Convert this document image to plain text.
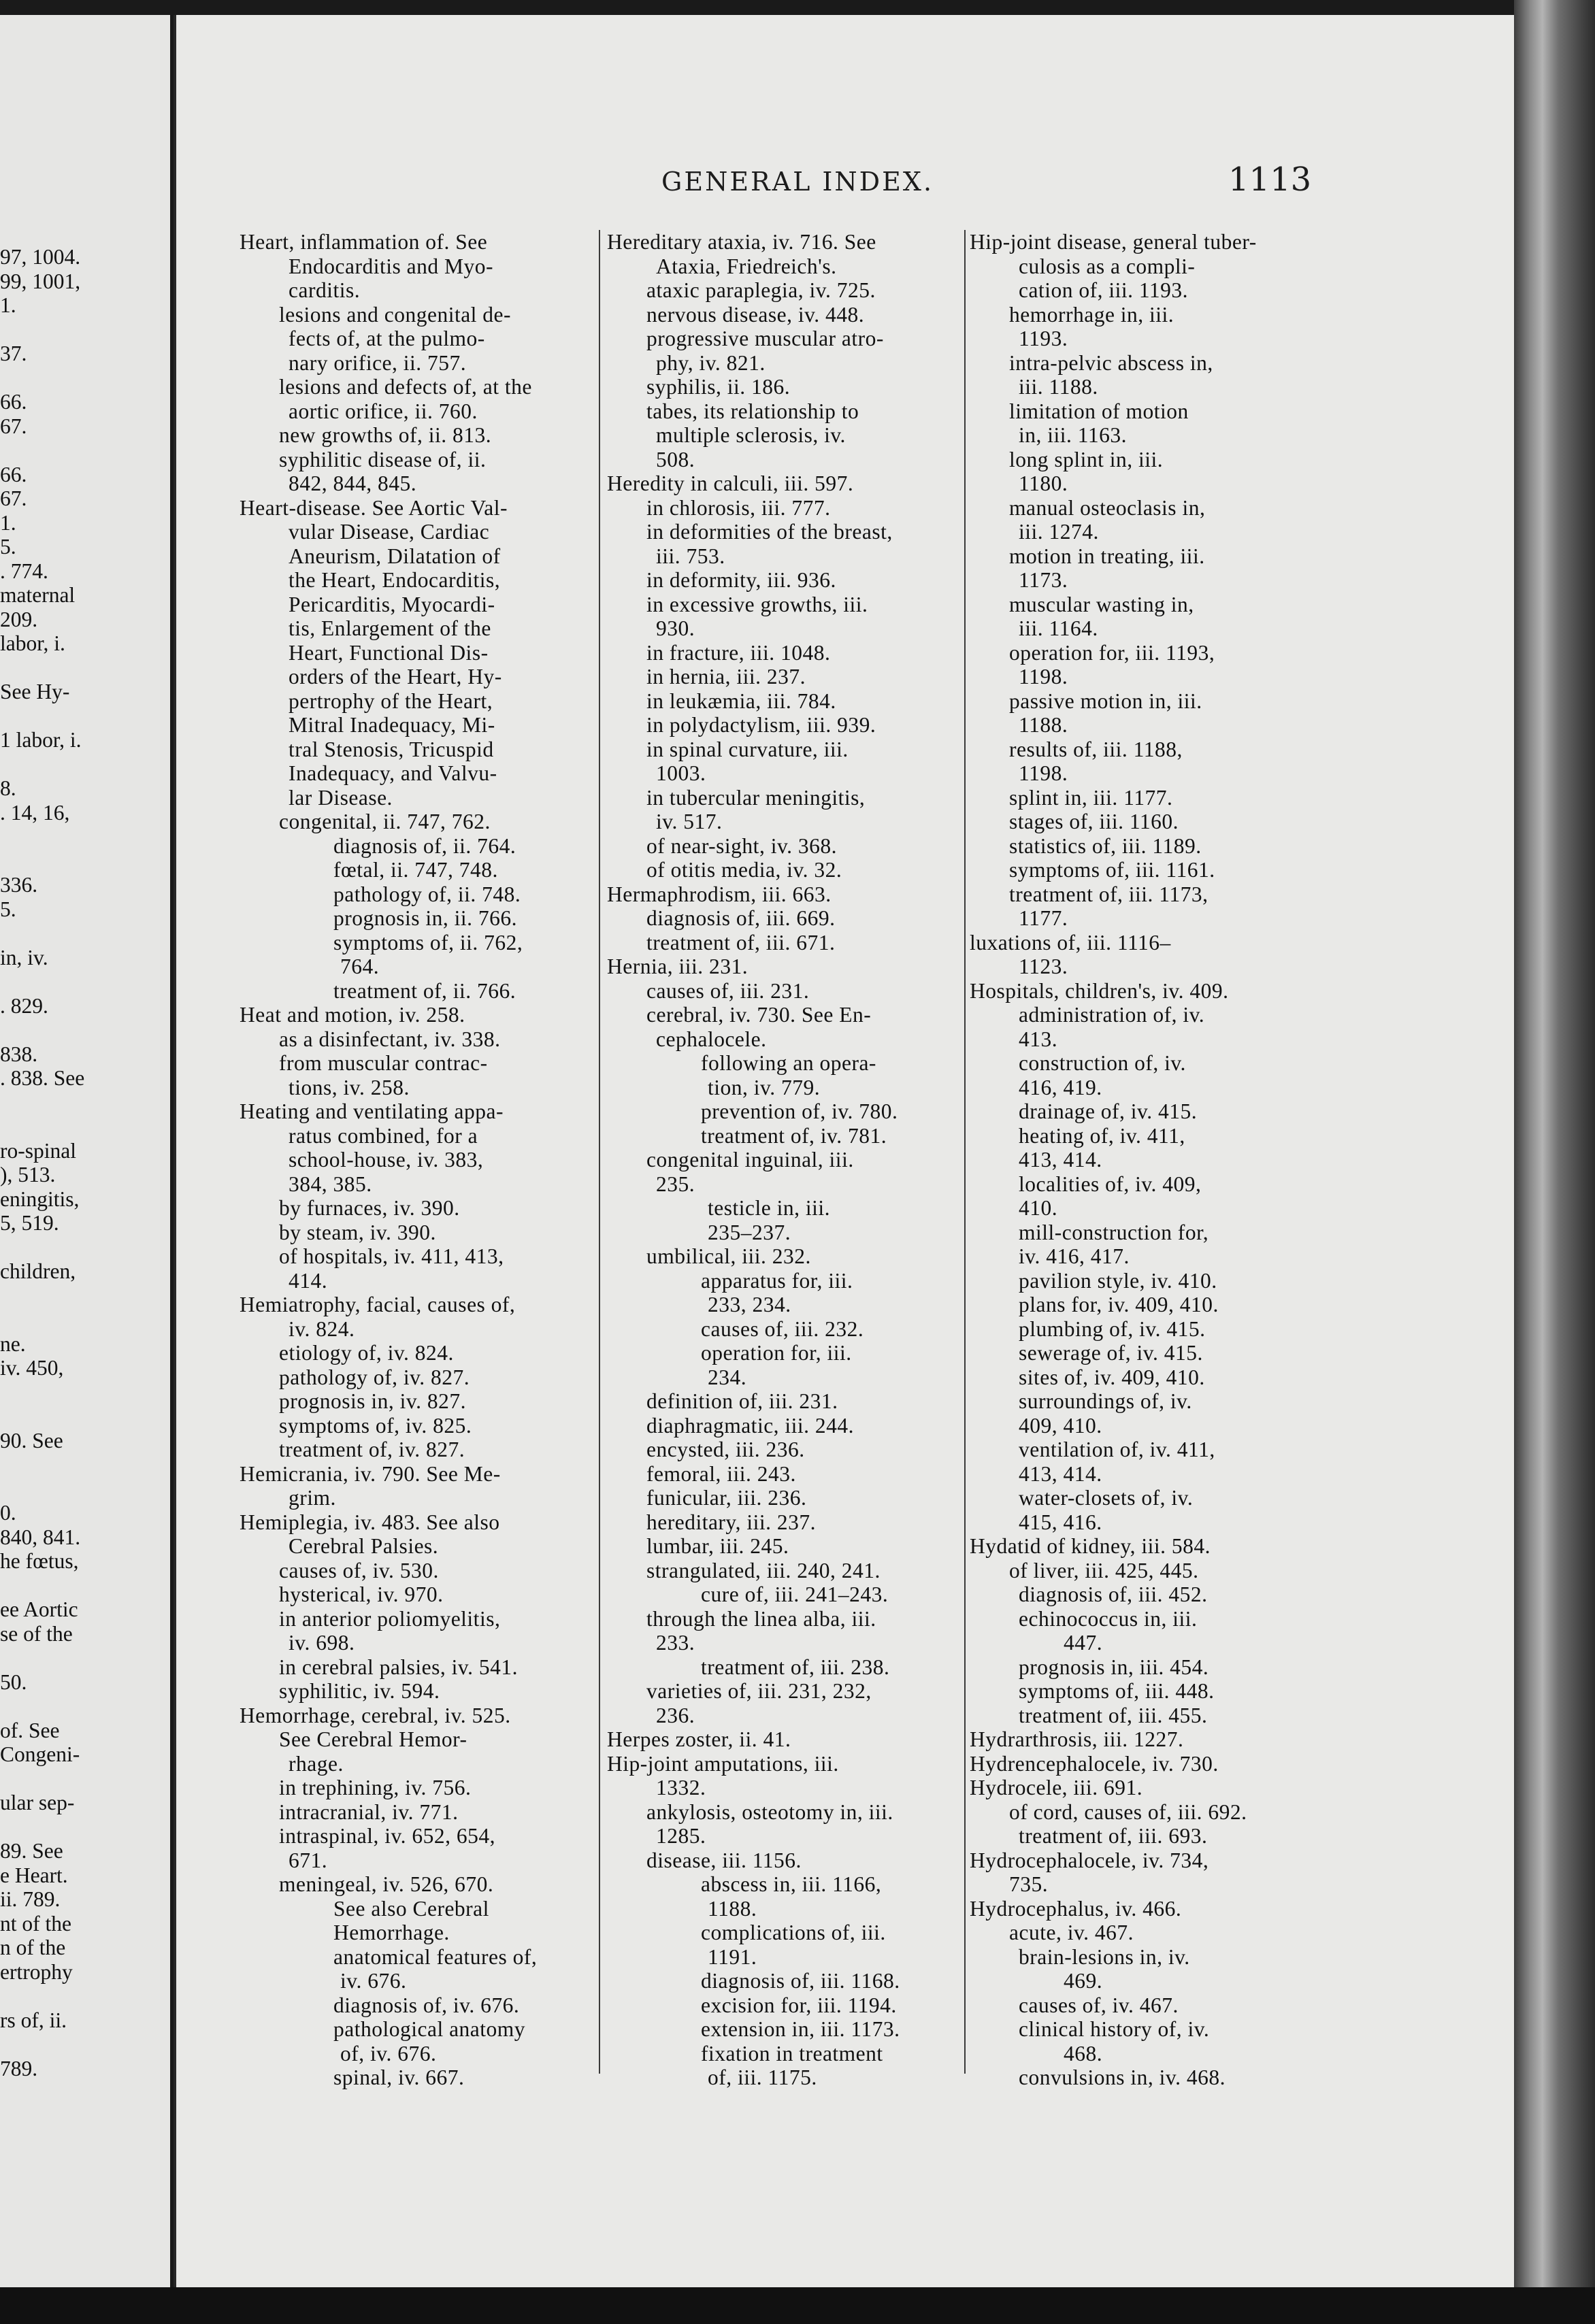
97, 1004.
99, 1001,
1.

37.

66.
67.

66.
67.
1.
5.
. 774.
maternal
209.
labor, i.

See Hy-

1 labor, i.

8.
. 14, 16,

336.
5.

in, iv.

. 829.

838.
. 838. See

ro-spinal
), 513.
eningitis,
5, 519.

children,

ne.
iv. 450,

90. See

0.
840, 841.
he fœtus,

ee Aortic
se of the

50.

of. See
Congeni-

ular sep-

89. See
e Heart.
ii. 789.
nt of the
n of the
ertrophy

rs of, ii.

789.
GENERAL INDEX.	1113
Heart, inflammation of. See
Endocarditis and Myo-
carditis.
lesions and congenital de-
fects of, at the pulmo-
nary orifice, ii. 757.
lesions and defects of, at the
aortic orifice, ii. 760.
new growths of, ii. 813.
syphilitic disease of, ii.
842, 844, 845.
Heart-disease. See Aortic Val-
vular Disease, Cardiac
Aneurism, Dilatation of
the Heart, Endocarditis,
Pericarditis, Myocardi-
tis, Enlargement of the
Heart, Functional Dis-
orders of the Heart, Hy-
pertrophy of the Heart,
Mitral Inadequacy, Mi-
tral Stenosis, Tricuspid
Inadequacy, and Valvu-
lar Disease.
congenital, ii. 747, 762.
diagnosis of, ii. 764.
fœtal, ii. 747, 748.
pathology of, ii. 748.
prognosis in, ii. 766.
symptoms of, ii. 762,
764.
treatment of, ii. 766.
Heat and motion, iv. 258.
as a disinfectant, iv. 338.
from muscular contrac-
tions, iv. 258.
Heating and ventilating appa-
ratus combined, for a
school-house, iv. 383,
384, 385.
by furnaces, iv. 390.
by steam, iv. 390.
of hospitals, iv. 411, 413,
414.
Hemiatrophy, facial, causes of,
iv. 824.
etiology of, iv. 824.
pathology of, iv. 827.
prognosis in, iv. 827.
symptoms of, iv. 825.
treatment of, iv. 827.
Hemicrania, iv. 790. See Me-
grim.
Hemiplegia, iv. 483. See also
Cerebral Palsies.
causes of, iv. 530.
hysterical, iv. 970.
in anterior poliomyelitis,
iv. 698.
in cerebral palsies, iv. 541.
syphilitic, iv. 594.
Hemorrhage, cerebral, iv. 525.
See Cerebral Hemor-
rhage.
in trephining, iv. 756.
intracranial, iv. 771.
intraspinal, iv. 652, 654,
671.
meningeal, iv. 526, 670.
See also Cerebral
Hemorrhage.
anatomical features of,
iv. 676.
diagnosis of, iv. 676.
pathological anatomy
of, iv. 676.
spinal, iv. 667.
Hereditary ataxia, iv. 716. See
Ataxia, Friedreich's.
ataxic paraplegia, iv. 725.
nervous disease, iv. 448.
progressive muscular atro-
phy, iv. 821.
syphilis, ii. 186.
tabes, its relationship to
multiple sclerosis, iv.
508.
Heredity in calculi, iii. 597.
in chlorosis, iii. 777.
in deformities of the breast,
iii. 753.
in deformity, iii. 936.
in excessive growths, iii.
930.
in fracture, iii. 1048.
in hernia, iii. 237.
in leukæmia, iii. 784.
in polydactylism, iii. 939.
in spinal curvature, iii.
1003.
in tubercular meningitis,
iv. 517.
of near-sight, iv. 368.
of otitis media, iv. 32.
Hermaphrodism, iii. 663.
diagnosis of, iii. 669.
treatment of, iii. 671.
Hernia, iii. 231.
causes of, iii. 231.
cerebral, iv. 730. See En-
cephalocele.
following an opera-
tion, iv. 779.
prevention of, iv. 780.
treatment of, iv. 781.
congenital inguinal, iii.
235.
testicle in, iii.
235–237.
umbilical, iii. 232.
apparatus for, iii.
233, 234.
causes of, iii. 232.
operation for, iii.
234.
definition of, iii. 231.
diaphragmatic, iii. 244.
encysted, iii. 236.
femoral, iii. 243.
funicular, iii. 236.
hereditary, iii. 237.
lumbar, iii. 245.
strangulated, iii. 240, 241.
cure of, iii. 241–243.
through the linea alba, iii.
233.
treatment of, iii. 238.
varieties of, iii. 231, 232,
236.
Herpes zoster, ii. 41.
Hip-joint amputations, iii.
1332.
ankylosis, osteotomy in, iii.
1285.
disease, iii. 1156.
abscess in, iii. 1166,
1188.
complications of, iii.
1191.
diagnosis of, iii. 1168.
excision for, iii. 1194.
extension in, iii. 1173.
fixation in treatment
of, iii. 1175.
Hip-joint disease, general tuber-
culosis as a compli-
cation of, iii. 1193.
hemorrhage in, iii.
1193.
intra-pelvic abscess in,
iii. 1188.
limitation of motion
in, iii. 1163.
long splint in, iii.
1180.
manual osteoclasis in,
iii. 1274.
motion in treating, iii.
1173.
muscular wasting in,
iii. 1164.
operation for, iii. 1193,
1198.
passive motion in, iii.
1188.
results of, iii. 1188,
1198.
splint in, iii. 1177.
stages of, iii. 1160.
statistics of, iii. 1189.
symptoms of, iii. 1161.
treatment of, iii. 1173,
1177.
luxations of, iii. 1116–
1123.
Hospitals, children's, iv. 409.
administration of, iv.
413.
construction of, iv.
416, 419.
drainage of, iv. 415.
heating of, iv. 411,
413, 414.
localities of, iv. 409,
410.
mill-construction for,
iv. 416, 417.
pavilion style, iv. 410.
plans for, iv. 409, 410.
plumbing of, iv. 415.
sewerage of, iv. 415.
sites of, iv. 409, 410.
surroundings of, iv.
409, 410.
ventilation of, iv. 411,
413, 414.
water-closets of, iv.
415, 416.
Hydatid of kidney, iii. 584.
of liver, iii. 425, 445.
diagnosis of, iii. 452.
echinococcus in, iii.
447.
prognosis in, iii. 454.
symptoms of, iii. 448.
treatment of, iii. 455.
Hydrarthrosis, iii. 1227.
Hydrencephalocele, iv. 730.
Hydrocele, iii. 691.
of cord, causes of, iii. 692.
treatment of, iii. 693.
Hydrocephalocele, iv. 734,
735.
Hydrocephalus, iv. 466.
acute, iv. 467.
brain-lesions in, iv.
469.
causes of, iv. 467.
clinical history of, iv.
468.
convulsions in, iv. 468.
